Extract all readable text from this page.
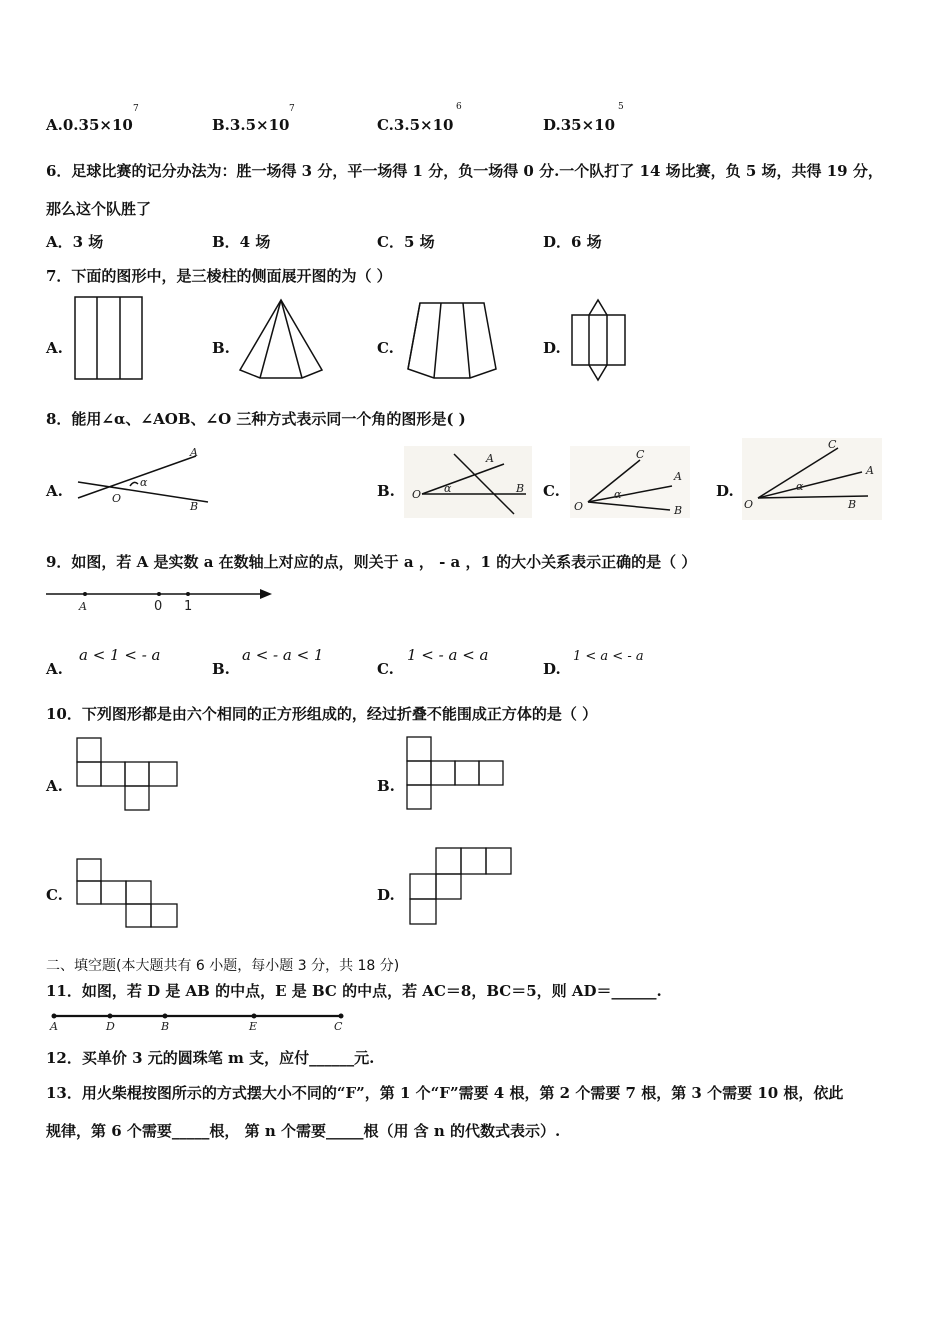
A.0.35×10
7
B.3.5×10
7
C.3.5×10
6
D.35×10
5
6．足球比赛的记分办法为：胜一场得 3 分，平一场得 1 分，负一场得 0 分.一个队打了 14 场比赛，负 5 场，共得 19 分，
那么这个队胜了
A．3 场	B．4 场	C．5 场	D．6 场
7．下面的图形中，是三棱柱的侧面展开图的为（ ）
A.	B.	C.	D.
8．能用∠α、∠AOB、∠O 三种方式表示同一个角的图形是( )
A.	B.	C.	D.
A
O
α
B
A
O α	B
C
A
O
α
B
C
A
O
α
B
9．如图，若 A 是实数 a 在数轴上对应的点，则关于 a ， - a ，1 的大小关系表示正确的是（ ）
A	0 1
A.	B.	C.	D.
a < 1 < - a	a < - a < 1	1 < - a < a	1 < a < - a
10．下列图形都是由六个相同的正方形组成的，经过折叠不能围成正方体的是（ ）
A.	B.
C.	D.
二、填空题(本大题共有 6 小题，每小题 3 分，共 18 分)
11．如图，若 D 是 AB 的中点，E 是 BC 的中点，若 AC＝8，BC＝5，则 AD＝______.
A	D	B	E	C
12．买单价 3 元的圆珠笔 m 支，应付______元.
13．用火柴棍按图所示的方式摆大小不同的“F”，第 1 个“F”需要 4 根，第 2 个需要 7 根，第 3 个需要 10 根，依此
规律，第 6 个需要_____根， 第 n 个需要_____根（用 含 n 的代数式表示）.
